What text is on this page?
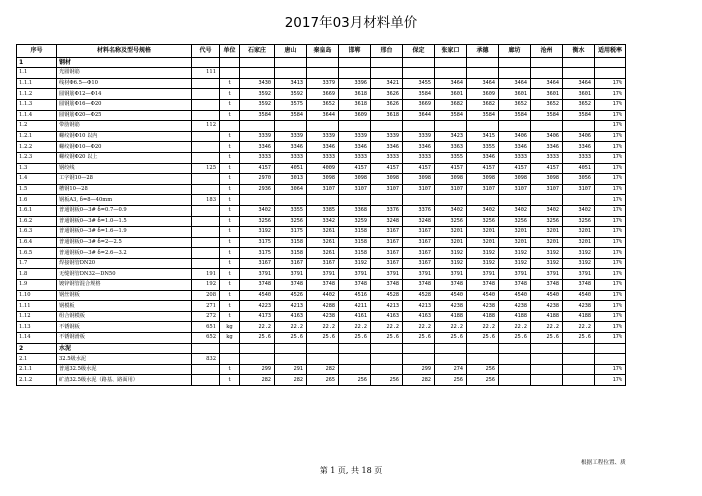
2017年03月材料单价
序号	材料名称及型号规格	代号	单位	石家庄	唐山	秦皇岛	邯郸	邢台	保定	张家口	承德	廊坊	沧州	衡水	适用税率
1	钢材														
1.1	光圆钢筋	111													
1.1.1	线材Φ6.5—Φ10		t	3430	3413	3379	3396	3421	3455	3464	3464	3464	3464	3464	17%
1.1.2	圆钢筋Φ12—Φ14		t	3592	3592	3669	3618	3626	3584	3601	3609	3601	3601	3601	17%
1.1.3	圆钢筋Φ16—Φ20		t	3592	3575	3652	3618	3626	3669	3682	3682	3652	3652	3652	17%
1.1.4	圆钢筋Φ20—Φ25		t	3584	3584	3644	3609	3618	3644	3584	3584	3584	3584	3584	17%
1.2	带肋钢筋	112													17%
1.2.1	螺纹钢Φ10 以内		t	3339	3339	3339	3339	3339	3339	3423	3415	3406	3406	3406	17%
1.2.2	螺纹钢Φ10—Φ20		t	3346	3346	3346	3346	3346	3346	3363	3355	3346	3346	3346	17%
1.2.3	螺纹钢Φ20 以上		t	3333	3333	3333	3333	3333	3333	3355	3346	3333	3333	3333	17%
1.3	钢绞线	125	t	4157	4051	4009	4157	4157	4157	4157	4157	4157	4157	4051	17%
1.4	工字钢10—28		t	2970	3013	3098	3098	3098	3098	3098	3098	3098	3098	3056	17%
1.5	槽钢10—28		t	2936	3064	3107	3107	3107	3107	3107	3107	3107	3107	3107	17%
1.6	钢板A3, δ=8—40mm	183	t												17%
1.6.1	普通钢板0—3# δ=0.7—0.9		t	3402	3355	3385	3368	3376	3376	3402	3402	3402	3402	3402	17%
1.6.2	普通钢板0—3# δ=1.0—1.5		t	3256	3256	3342	3259	3248	3248	3256	3256	3256	3256	3256	17%
1.6.3	普通钢板0—3# δ=1.6—1.9		t	3192	3175	3261	3158	3167	3167	3201	3201	3201	3201	3201	17%
1.6.4	普通钢板0—3# δ=2—2.5		t	3175	3158	3261	3158	3167	3167	3201	3201	3201	3201	3201	17%
1.6.5	普通钢板0—3# δ=2.6—3.2		t	3175	3158	3261	3158	3167	3167	3192	3192	3192	3192	3192	17%
1.7	焊接钢管DN20		t	3167	3167	3167	3192	3167	3167	3192	3192	3192	3192	3192	17%
1.8	无缝钢管DN32—DN50	191	t	3791	3791	3791	3791	3791	3791	3791	3791	3791	3791	3791	17%
1.9	镀锌钢管混合规格	192	t	3748	3748	3748	3748	3748	3748	3748	3748	3748	3748	3748	17%
1.10	钢丝钢板	208	t	4540	4526	4402	4516	4528	4528	4540	4540	4540	4540	4540	17%
1.11	钢模板	271	t	4223	4213	4288	4211	4213	4213	4238	4238	4238	4238	4238	17%
1.12	组合钢模板	272	t	4173	4163	4238	4161	4163	4163	4188	4188	4188	4188	4188	17%
1.13	不锈钢板	651	kg	22.2	22.2	22.2	22.2	22.2	22.2	22.2	22.2	22.2	22.2	22.2	17%
1.14	不锈钢滑板	652	kg	25.6	25.6	25.6	25.6	25.6	25.6	25.6	25.6	25.6	25.6	25.6	17%
2	水泥														
2.1	32.5级水泥	832													
2.1.1	普通32.5级水泥		t	299	291	282			299	274	256				17%
2.1.2	矿渣32.5级水泥（路基、路面用）		t	282	282	265	256	256	282	256	256				17%
根据工程位置、质
第 1 页, 共 18 页
